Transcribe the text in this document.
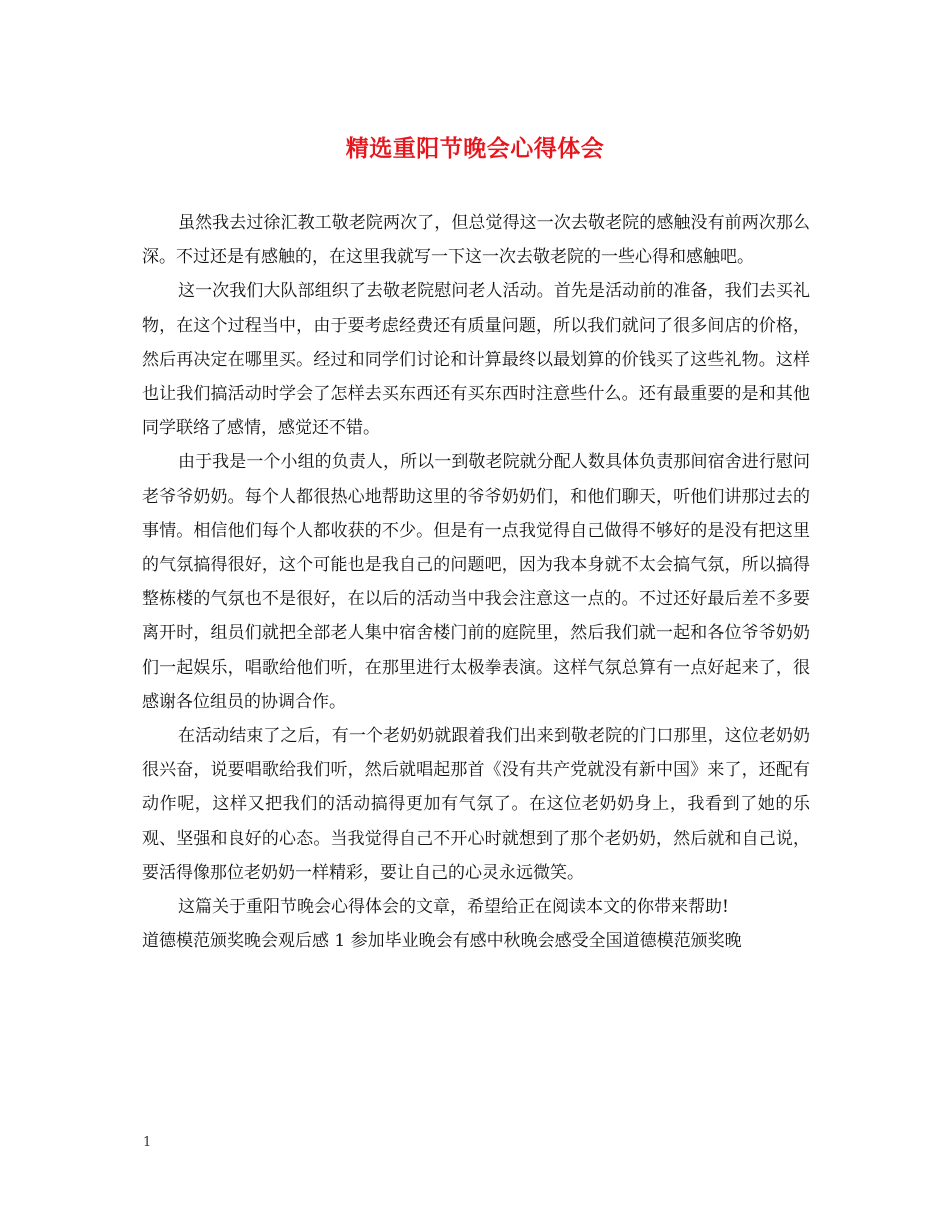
精选重阳节晚会心得体会

虽然我去过徐汇教工敬老院两次了，但总觉得这一次去敬老院的感触没有前两次那么深。不过还是有感触的，在这里我就写一下这一次去敬老院的一些心得和感触吧。

这一次我们大队部组织了去敬老院慰问老人活动。首先是活动前的准备，我们去买礼物，在这个过程当中，由于要考虑经费还有质量问题，所以我们就问了很多间店的价格，然后再决定在哪里买。经过和同学们讨论和计算最终以最划算的价钱买了这些礼物。这样也让我们搞活动时学会了怎样去买东西还有买东西时注意些什么。还有最重要的是和其他同学联络了感情，感觉还不错。

由于我是一个小组的负责人，所以一到敬老院就分配人数具体负责那间宿舍进行慰问老爷爷奶奶。每个人都很热心地帮助这里的爷爷奶奶们，和他们聊天，听他们讲那过去的事情。相信他们每个人都收获的不少。但是有一点我觉得自己做得不够好的是没有把这里的气氛搞得很好，这个可能也是我自己的问题吧，因为我本身就不太会搞气氛，所以搞得整栋楼的气氛也不是很好，在以后的活动当中我会注意这一点的。不过还好最后差不多要离开时，组员们就把全部老人集中宿舍楼门前的庭院里，然后我们就一起和各位爷爷奶奶们一起娱乐，唱歌给他们听，在那里进行太极拳表演。这样气氛总算有一点好起来了，很感谢各位组员的协调合作。

在活动结束了之后，有一个老奶奶就跟着我们出来到敬老院的门口那里，这位老奶奶很兴奋，说要唱歌给我们听，然后就唱起那首《没有共产党就没有新中国》来了，还配有动作呢，这样又把我们的活动搞得更加有气氛了。在这位老奶奶身上，我看到了她的乐观、坚强和良好的心态。当我觉得自己不开心时就想到了那个老奶奶，然后就和自己说，要活得像那位老奶奶一样精彩，要让自己的心灵永远微笑。

这篇关于重阳节晚会心得体会的文章，希望给正在阅读本文的你带来帮助!

道德模范颁奖晚会观后感 1 参加毕业晚会有感中秋晚会感受全国道德模范颁奖晚

1
